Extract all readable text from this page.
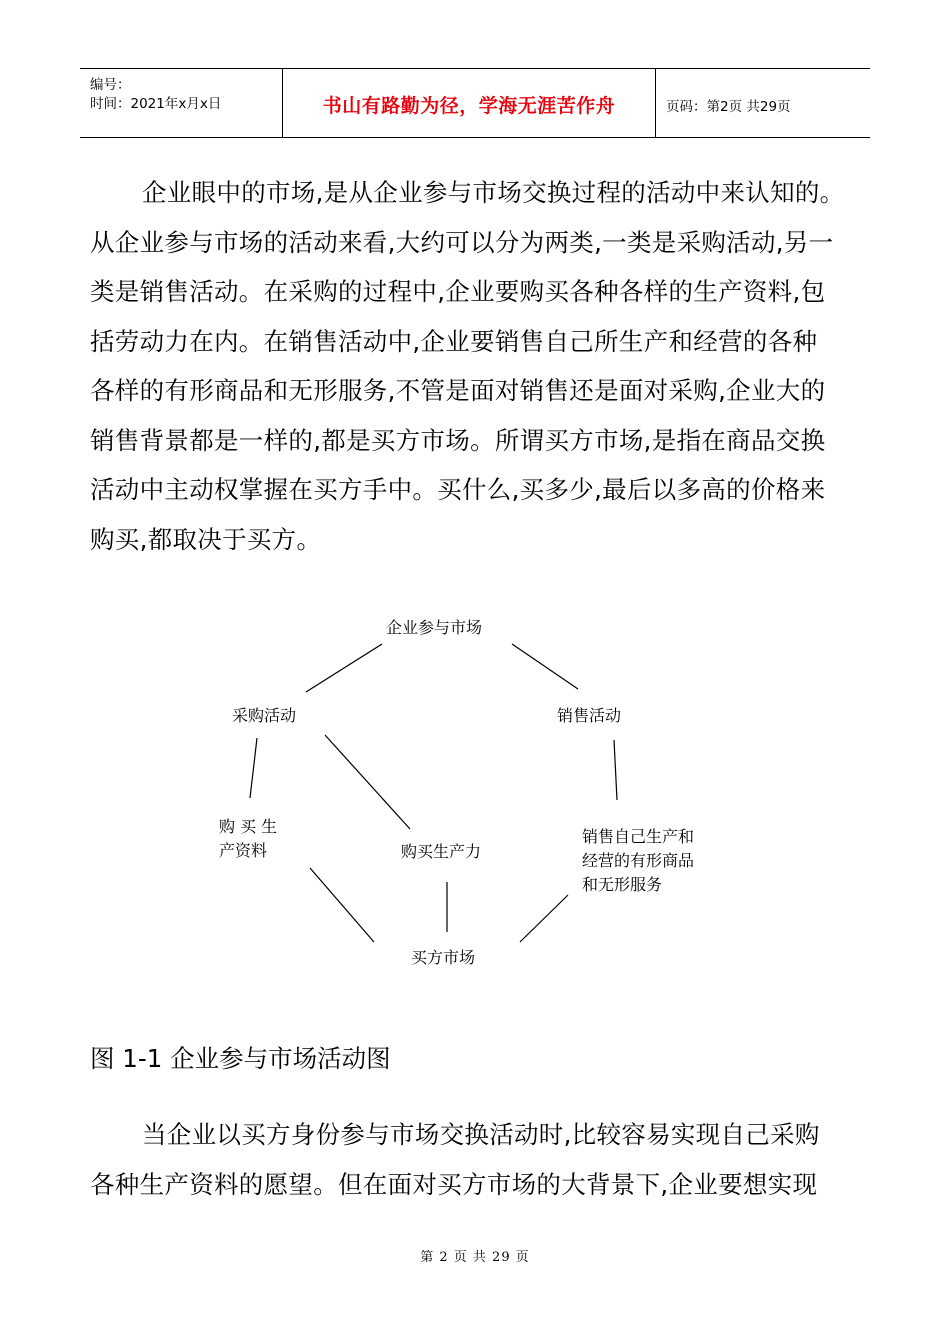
编号：
时间：2021年x月x日	书山有路勤为径，学海无涯苦作舟	页码：第2页 共29页
企业眼中的市场,是从企业参与市场交换过程的活动中来认知的。
从企业参与市场的活动来看,大约可以分为两类,一类是采购活动,另一
类是销售活动。在采购的过程中,企业要购买各种各样的生产资料,包
括劳动力在内。在销售活动中,企业要销售自己所生产和经营的各种
各样的有形商品和无形服务,不管是面对销售还是面对采购,企业大的
销售背景都是一样的,都是买方市场。所谓买方市场,是指在商品交换
活动中主动权掌握在买方手中。买什么,买多少,最后以多高的价格来
购买,都取决于买方。
企业参与市场
采购活动	销售活动
购 买 生
产资料	购买生产力
销售自己生产和
经营的有形商品
和无形服务
买方市场
图 1-1 企业参与市场活动图
当企业以买方身份参与市场交换活动时,比较容易实现自己采购
各种生产资料的愿望。但在面对买方市场的大背景下,企业要想实现
第 2 页 共 29 页
